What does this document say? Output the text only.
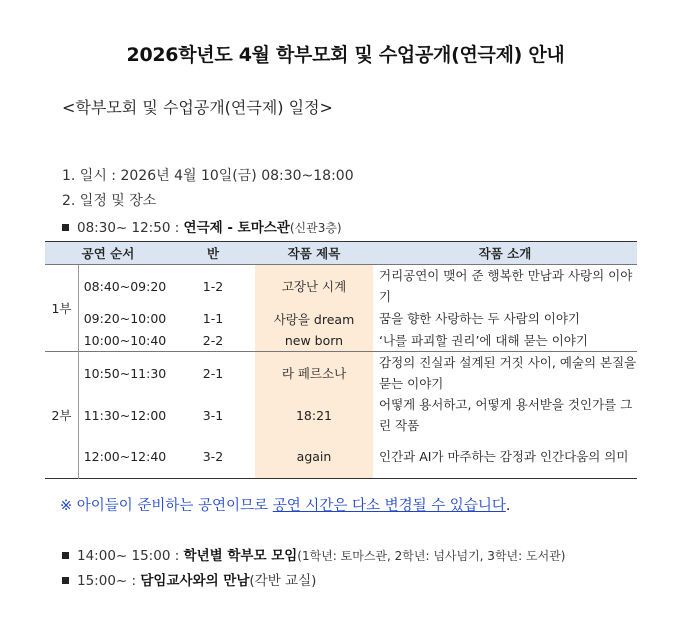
2026학년도 4월 학부모회 및 수업공개(연극제) 안내
<학부모회 및 수업공개(연극제) 일정>
1. 일시 : 2026년 4월 10일(금) 08:30~18:00
2. 일정 및 장소
08:30~ 12:50 : 연극제 - 토마스관(신관3층)
공연 순서		반	작품 제목	작품 소개
1부	08:40~09:20	1-2	고장난 시계	거리공연이 맺어 준 행복한 만남과 사랑의 이야기
	09:20~10:00	1-1	사랑을 dream	꿈을 향한 사랑하는 두 사람의 이야기
	10:00~10:40	2-2	new born	‘나를 파괴할 권리’에 대해 묻는 이야기
2부	10:50~11:30	2-1	라 페르소나	감정의 진실과 설계된 거짓 사이, 예술의 본질을 묻는 이야기
	11:30~12:00	3-1	18:21	어떻게 용서하고, 어떻게 용서받을 것인가를 그린 작품
	12:00~12:40	3-2	again	인간과 AI가 마주하는 감정과 인간다움의 의미
※ 아이들이 준비하는 공연이므로 공연 시간은 다소 변경될 수 있습니다.
14:00~ 15:00 : 학년별 학부모 모임(1학년: 토마스관, 2학년: 넘사넘기, 3학년: 도서관)
15:00~ : 담임교사와의 만남(각반 교실)
